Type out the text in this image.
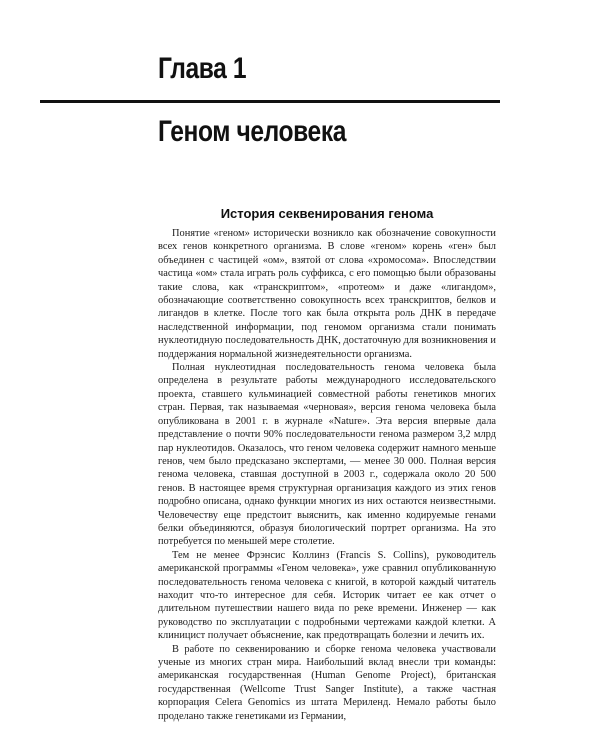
Глава 1
Геном человека
История секвенирования генома

Понятие «геном» исторически возникло как обозначение совокупности всех генов конкретного организма. В слове «геном» корень «ген» был объединен с частицей «ом», взятой от слова «хромосома». Впоследствии частица «ом» стала играть роль суффикса, с его помощью были образованы такие слова, как «транскриптом», «протеом» и даже «лигандом», обозначающие соответственно совокупность всех транскриптов, белков и лигандов в клетке. После того как была открыта роль ДНК в передаче наследственной информации, под геномом организма стали понимать нуклеотидную последовательность ДНК, достаточную для возникновения и поддержания нормальной жизнедеятельности организма.

Полная нуклеотидная последовательность генома человека была определена в результате работы международного исследовательского проекта, ставшего кульминацией совместной работы генетиков многих стран. Первая, так называемая «черновая», версия генома человека была опубликована в 2001 г. в журнале «Nature». Эта версия впервые дала представление о почти 90% последовательности генома размером 3,2 млрд пар нуклеотидов. Оказалось, что геном человека содержит намного меньше генов, чем было предсказано экспертами, — менее 30 000. Полная версия генома человека, ставшая доступной в 2003 г., содержала около 20 500 генов. В настоящее время структурная организация каждого из этих генов подробно описана, однако функции многих из них остаются неизвестными. Человечеству еще предстоит выяснить, как именно кодируемые генами белки объединяются, образуя биологический портрет организма. На это потребуется по меньшей мере столетие.

Тем не менее Фрэнсис Коллинз (Francis S. Collins), руководитель американской программы «Геном человека», уже сравнил опубликованную последовательность генома человека с книгой, в которой каждый читатель находит что-то интересное для себя. Историк читает ее как отчет о длительном путешествии нашего вида по реке времени. Инженер — как руководство по эксплуатации с подробными чертежами каждой клетки. А клиницист получает объяснение, как предотвращать болезни и лечить их.

В работе по секвенированию и сборке генома человека участвовали ученые из многих стран мира. Наибольший вклад внесли три команды: американская государственная (Human Genome Project), британская государственная (Wellcome Trust Sanger Institute), а также частная корпорация Celera Genomics из штата Мериленд. Немало работы было проделано также генетиками из Германии,
